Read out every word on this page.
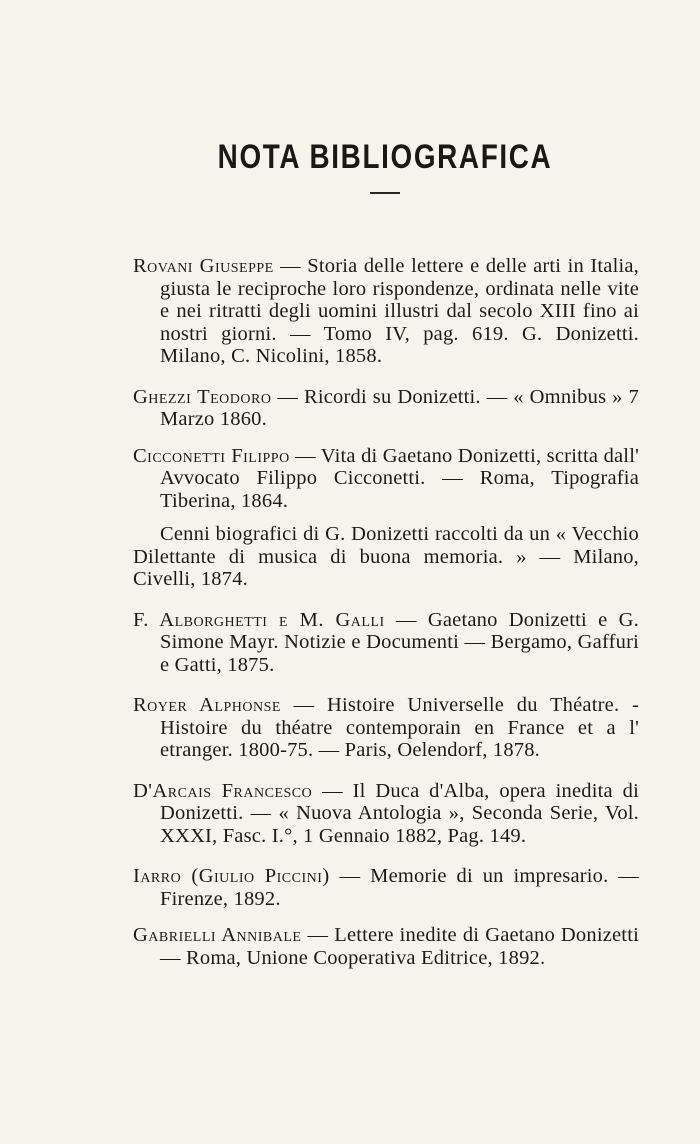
NOTA BIBLIOGRAFICA
Rovani Giuseppe — Storia delle lettere e delle arti in Italia, giusta le reciproche loro rispondenze, ordinata nelle vite e nei ritratti degli uomini illustri dal secolo XIII fino ai nostri giorni. — Tomo IV, pag. 619. G. Donizetti. Milano, C. Nicolini, 1858.
Ghezzi Teodoro — Ricordi su Donizetti. — « Omnibus » 7 Marzo 1860.
Cicconetti Filippo — Vita di Gaetano Donizetti, scritta dall' Avvocato Filippo Cicconetti. — Roma, Tipografia Tiberina, 1864.
Cenni biografici di G. Donizetti raccolti da un « Vecchio Dilettante di musica di buona memoria. » — Milano, Civelli, 1874.
F. Alborghetti e M. Galli — Gaetano Donizetti e G. Simone Mayr. Notizie e Documenti — Bergamo, Gaffuri e Gatti, 1875.
Royer Alphonse — Histoire Universelle du Théatre. - Histoire du théatre contemporain en France et a l' etranger. 1800-75. — Paris, Oelendorf, 1878.
D'Arcais Francesco — Il Duca d'Alba, opera inedita di Donizetti. — « Nuova Antologia », Seconda Serie, Vol. XXXI, Fasc. I.°, 1 Gennaio 1882, Pag. 149.
Iarro (Giulio Piccini) — Memorie di un impresario. — Firenze, 1892.
Gabrielli Annibale — Lettere inedite di Gaetano Donizetti — Roma, Unione Cooperativa Editrice, 1892.
